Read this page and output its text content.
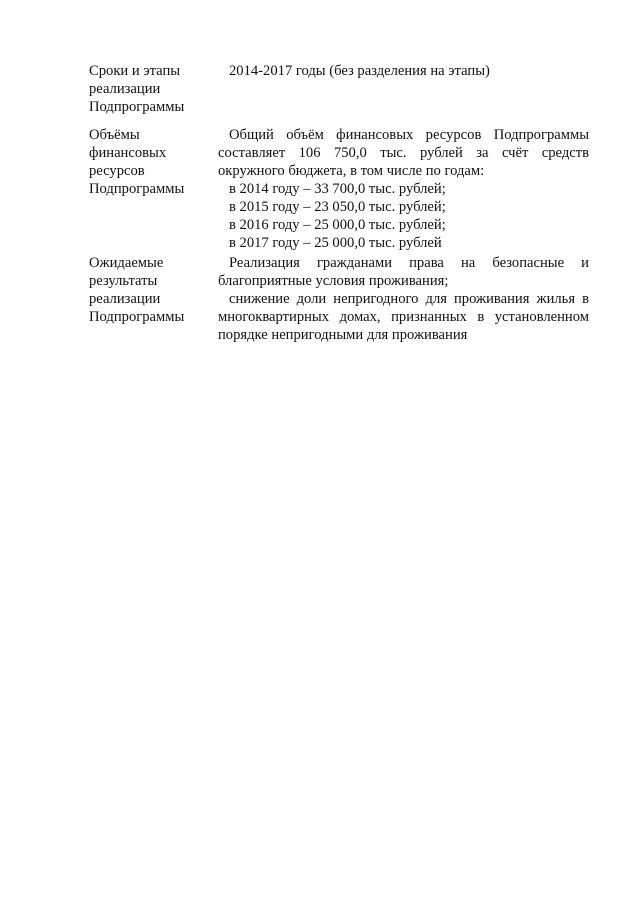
Сроки и этапы
реализации
Подпрограммы
2014-2017 годы (без разделения на этапы)
Объёмы
финансовых
ресурсов
Подпрограммы
Общий объём финансовых ресурсов Подпрограммы
составляет 106 750,0 тыс. рублей за счёт средств
окружного бюджета, в том числе по годам:
в 2014 году – 33 700,0 тыс. рублей;
в 2015 году – 23 050,0 тыс. рублей;
в 2016 году – 25 000,0 тыс. рублей;
в 2017 году – 25 000,0 тыс. рублей
Ожидаемые
результаты
реализации
Подпрограммы
Реализация гражданами права на безопасные и
благоприятные условия проживания;
снижение доли непригодного для проживания жилья в
многоквартирных домах, признанных в установленном
порядке непригодными для проживания
